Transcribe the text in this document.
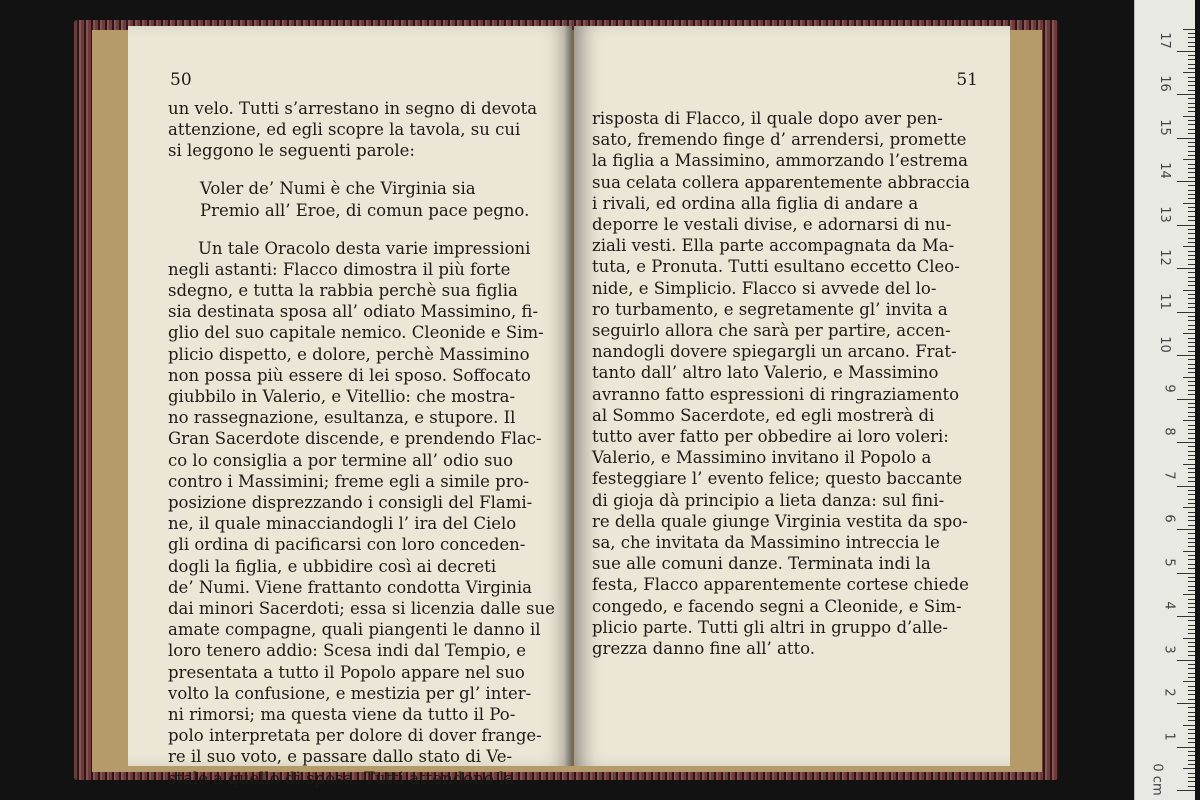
50

un velo. Tutti s’arrestano in segno di devota
attenzione, ed egli scopre la tavola, su cui
si leggono le seguenti parole:

Voler de’ Numi è che Virginia sia
Premio all’ Eroe, di comun pace pegno.

Un tale Oracolo desta varie impressioni
negli astanti: Flacco dimostra il più forte
sdegno, e tutta la rabbia perchè sua figlia
sia destinata sposa all’ odiato Massimino, fi-
glio del suo capitale nemico. Cleonide e Sim-
plicio dispetto, e dolore, perchè Massimino
non possa più essere di lei sposo. Soffocato
giubbilo in Valerio, e Vitellio: che mostra-
no rassegnazione, esultanza, e stupore. Il
Gran Sacerdote discende, e prendendo Flac-
co lo consiglia a por termine all’ odio suo
contro i Massimini; freme egli a simile pro-
posizione disprezzando i consigli del Flami-
ne, il quale minacciandogli l’ ira del Cielo
gli ordina di pacificarsi con loro conceden-
dogli la figlia, e ubbidire così ai decreti
de’ Numi. Viene frattanto condotta Virginia
dai minori Sacerdoti; essa si licenzia dalle sue
amate compagne, quali piangenti le danno il
loro tenero addio: Scesa indi dal Tempio, e
presentata a tutto il Popolo appare nel suo
volto la confusione, e mestizia per gl’ inter-
ni rimorsi; ma questa viene da tutto il Po-
polo interpretata per dolore di dover frange-
re il suo voto, e passare dallo stato di Ve-
stale a quello di sposa. Tutti attendono la

51

risposta di Flacco, il quale dopo aver pen-
sato, fremendo finge d’ arrendersi, promette
la figlia a Massimino, ammorzando l’estrema
sua celata collera apparentemente abbraccia
i rivali, ed ordina alla figlia di andare a
deporre le vestali divise, e adornarsi di nu-
ziali vesti. Ella parte accompagnata da Ma-
tuta, e Pronuta. Tutti esultano eccetto Cleo-
nide, e Simplicio. Flacco si avvede del lo-
ro turbamento, e segretamente gl’ invita a
seguirlo allora che sarà per partire, accen-
nandogli dovere spiegargli un arcano. Frat-
tanto dall’ altro lato Valerio, e Massimino
avranno fatto espressioni di ringraziamento
al Sommo Sacerdote, ed egli mostrerà di
tutto aver fatto per obbedire ai loro voleri:
Valerio, e Massimino invitano il Popolo a
festeggiare l’ evento felice; questo baccante
di gioja dà principio a lieta danza: sul fini-
re della quale giunge Virginia vestita da spo-
sa, che invitata da Massimino intreccia le
sue alle comuni danze. Terminata indi la
festa, Flacco apparentemente cortese chiede
congedo, e facendo segni a Cleonide, e Sim-
plicio parte. Tutti gli altri in gruppo d’alle-
grezza danno fine all’ atto.

0 cm
1
2
3
4
5
6
7
8
9
10
11
12
13
14
15
16
17
